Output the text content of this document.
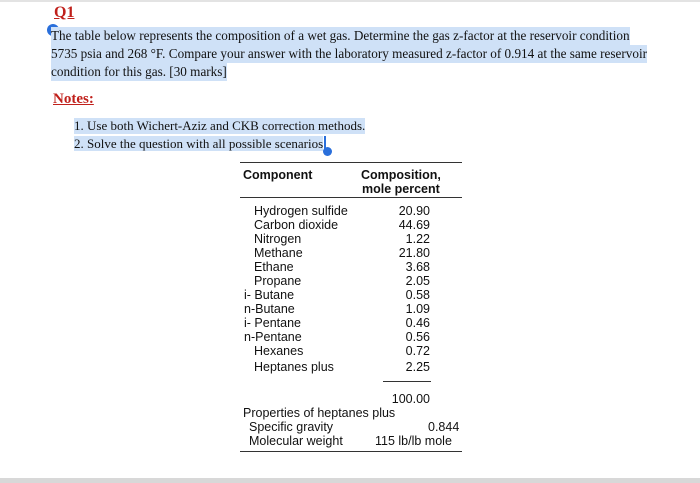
Q1
The table below represents the composition of a wet gas. Determine the gas z-factor at the reservoir condition
5735 psia and 268 °F. Compare your answer with the laboratory measured z-factor of 0.914 at the same reservoir
condition for this gas. [30 marks]
Notes:
1. Use both Wichert-Aziz and CKB correction methods.
2. Solve the question with all possible scenarios
Component	Composition,
mole percent
Hydrogen sulfide	20.90
Carbon dioxide	44.69
Nitrogen	1.22
Methane	21.80
Ethane	3.68
Propane	2.05
i- Butane	0.58
n-Butane	1.09
i- Pentane	0.46
n-Pentane	0.56
Hexanes	0.72
Heptanes plus	2.25
100.00
Properties of heptanes plus
Specific gravity	0.844
Molecular weight	115 lb/lb mole
